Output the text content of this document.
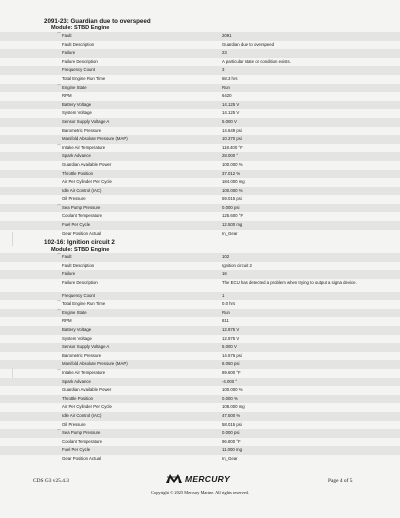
2091-23: Guardian due to overspeed
Module: STBD Engine
⌒ Fault	2091
Fault Description	Guardian due to overspeed
Failure	23
Failure Description	A particular state or condition exists.
Frequency Count	3
Total Engine Run Time	68.3 hrs
⌒ Engine State	Run
RPM	6420
Battery Voltage	14.125 V
System Voltage	14.125 V
Sensor Supply Voltage A	5.000 V
Barometric Pressure	14.649 psi
Manifold Absolute Pressure (MAP)	10.370 psi
⌒ Intake Air Temperature	118.400 °F
Spark Advance	28.000 °
Guardian Available Power	100.000 %
Throttle Position	37.012 %
Air Per Cylinder Per Cycle	184.000 mg
Idle Air Control (IAC)	100.000 %
Oil Pressure	59.015 psi
⌒ Sea Pump Pressure	0.000 psi
Coolant Temperature	125.600 °F
Fuel Per Cycle	12.500 mg
Gear Position Actual	In_Gear
102-16: Ignition circuit 2
Module: STBD Engine
⌒ Fault	102
Fault Description	Ignition circuit 2
Failure	16
Failure Description	The ECU has detected a problem when trying to output a signa device.
Frequency Count	1
⌒ Total Engine Run Time	0.0 hrs
⌒ Engine State	Run
RPM	811
Battery Voltage	12.875 V
System Voltage	12.875 V
Sensor Supply Voltage A	5.000 V
Barometric Pressure	14.576 psi
Manifold Absolute Pressure (MAP)	8.050 psi
⌒ Intake Air Temperature	89.600 °F
Spark Advance	-4.000 °
Guardian Available Power	100.000 %
Throttle Position	0.000 %
Air Per Cylinder Per Cycle	108.000 mg
Idle Air Control (IAC)	47.500 %
Oil Pressure	58.015 psi
⌒ Sea Pump Pressure	0.000 psi
Coolant Temperature	96.800 °F
Fuel Per Cycle	11.000 mg
Gear Position Actual	In_Gear
CDS G3 v25.4.3	MERCURY	Page 4 of 5
Copyright © 2025 Mercury Marine. All rights reserved.
